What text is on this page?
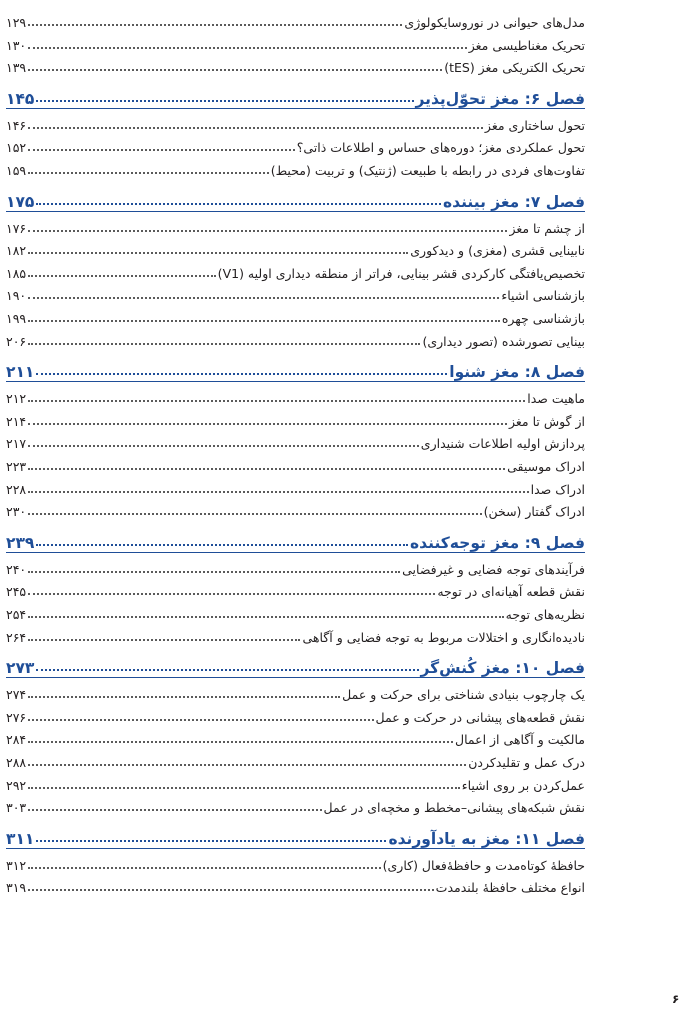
مدل‌های حیوانی در نوروسایکولوژی
۱۲۹
تحریک مغناطیسی مغز
۱۳۰
تحریک الکتریکی مغز (tES)
۱۳۹
فصل ۶: مغز تحوّل‌پذیر
۱۴۵
تحول ساختاری مغز
۱۴۶
تحول عملکردی مغز؛ دوره‌های حساس و اطلاعات ذاتی؟
۱۵۲
تفاوت‌های فردی در رابطه با طبیعت (ژنتیک) و تربیت (محیط)
۱۵۹
فصل ۷: مغز بیننده
۱۷۵
از چشم تا مغز
۱۷۶
نابینایی قشری (مغزی) و دیدکوری
۱۸۲
تخصیص‌یافتگی کارکردی قشر بینایی، فراتر از منطقه دیداری اولیه (V1)
۱۸۵
بازشناسی اشیاء
۱۹۰
بازشناسی چهره
۱۹۹
بینایی تصورشده (تصور دیداری)
۲۰۶
فصل ۸: مغز شنوا
۲۱۱
ماهیت صدا
۲۱۲
از گوش تا مغز
۲۱۴
پردازش اولیه اطلاعات شنیداری
۲۱۷
ادراک موسیقی
۲۲۳
ادراک صدا
۲۲۸
ادراک گفتار (سخن)
۲۳۰
فصل ۹: مغز توجه‌کننده
۲۳۹
فرآیندهای توجه فضایی و غیرفضایی
۲۴۰
نقش قطعه آهیانه‌ای در توجه
۲۴۵
نظریه‌های توجه
۲۵۴
نادیده‌انگاری و اختلالات مربوط به توجه فضایی و آگاهی
۲۶۴
فصل ۱۰: مغز کُنش‌گر
۲۷۳
یک چارچوب بنیادی شناختی برای حرکت و عمل
۲۷۴
نقش قطعه‌های پیشانی در حرکت و عمل
۲۷۶
مالکیت و آگاهی از اعمال
۲۸۴
درک عمل و تقلیدکردن
۲۸۸
عمل‌کردن بر روی اشیاء
۲۹۲
نقش شبکه‌های پیشانی–مخطط و مخچه‌ای در عمل
۳۰۳
فصل ۱۱: مغز به یادآورنده
۳۱۱
حافظهٔ کوتاه‌مدت و حافظهٔ‌فعال (کاری)
۳۱۲
انواع مختلف حافظهٔ بلندمدت
۳۱۹
۶
